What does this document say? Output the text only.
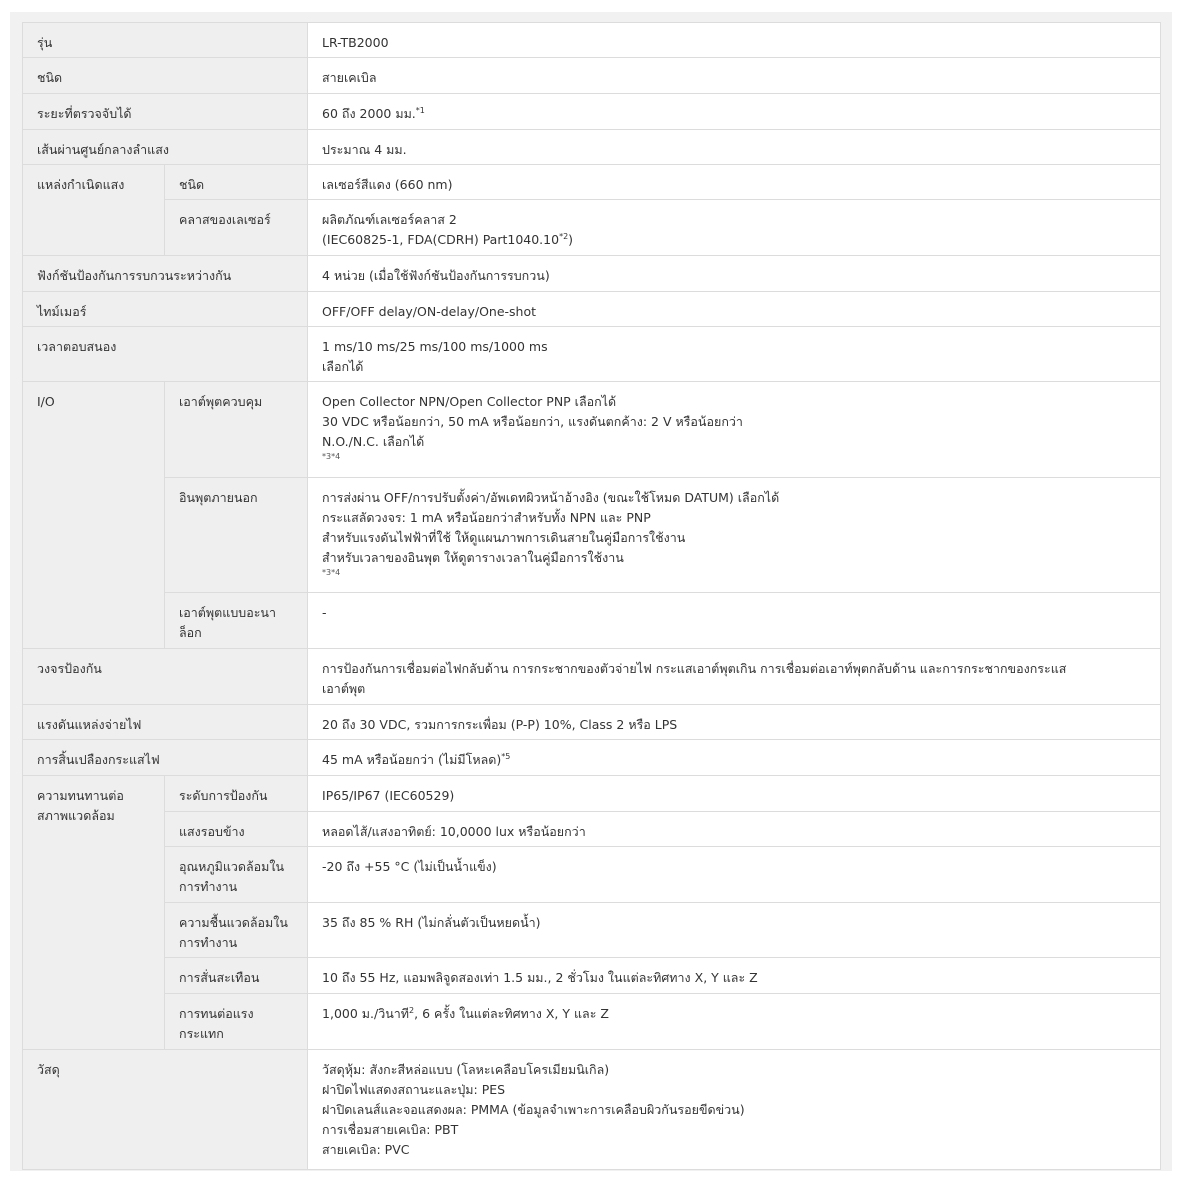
รุ่น		LR-TB2000
ชนิด		สายเคเบิล
ระยะที่ตรวจจับได้		60 ถึง 2000 มม.$^{*1}$
เส้นผ่านศูนย์กลางลำแสง		ประมาณ 4 มม.
แหล่งกำเนิดแสง	ชนิด	เลเซอร์สีแดง (660 nm)
	คลาสของเลเซอร์	ผลิตภัณฑ์เลเซอร์คลาส 2
(IEC60825-1, FDA(CDRH) Part1040.10$^{*2}$)

ฟังก์ชันป้องกันการรบกวนระหว่างกัน		4 หน่วย (เมื่อใช้ฟังก์ชันป้องกันการรบกวน)
ไทม์เมอร์		OFF/OFF delay/ON-delay/One-shot
เวลาตอบสนอง		1 ms/10 ms/25 ms/100 ms/1000 ms
เลือกได้

I/O	เอาต์พุตควบคุม	Open Collector NPN/Open Collector PNP เลือกได้
30 VDC หรือน้อยกว่า, 50 mA หรือน้อยกว่า, แรงดันตกค้าง: 2 V หรือน้อยกว่า
N.O./N.C. เลือกได้
*3*4

	อินพุตภายนอก	การส่งผ่าน OFF/การปรับตั้งค่า/อัพเดทผิวหน้าอ้างอิง (ขณะใช้โหมด DATUM) เลือกได้
กระแสลัดวงจร: 1 mA หรือน้อยกว่าสำหรับทั้ง NPN และ PNP
สำหรับแรงดันไฟฟ้าที่ใช้ ให้ดูแผนภาพการเดินสายในคู่มือการใช้งาน
สำหรับเวลาของอินพุต ให้ดูตารางเวลาในคู่มือการใช้งาน
*3*4

	เอาต์พุตแบบอะนา
ล็อก	-
วงจรป้องกัน		การป้องกันการเชื่อมต่อไฟกลับด้าน การกระชากของตัวจ่ายไฟ กระแสเอาต์พุตเกิน การเชื่อมต่อเอาท์พุตกลับด้าน และการกระชากของกระแส
เอาต์พุต

แรงดันแหล่งจ่ายไฟ		20 ถึง 30 VDC, รวมการกระเพื่อม (P-P) 10%, Class 2 หรือ LPS
การสิ้นเปลืองกระแสไฟ		45 mA หรือน้อยกว่า (ไม่มีโหลด)$^{*5}$

ความทนทานต่อ
สภาพแวดล้อม	ระดับการป้องกัน	IP65/IP67 (IEC60529)
	แสงรอบข้าง	หลอดไส้/แสงอาทิตย์: 10,0000 lux หรือน้อยกว่า

	อุณหภูมิแวดล้อมใน
การทำงาน	-20 ถึง +55 °C (ไม่เป็นน้ำแข็ง)

	ความชื้นแวดล้อมใน
การทำงาน	35 ถึง 85 % RH (ไม่กลั่นตัวเป็นหยดน้ำ)
	การสั่นสะเทือน	10 ถึง 55 Hz, แอมพลิจูดสองเท่า 1.5 มม., 2 ชั่วโมง ในแต่ละทิศทาง X, Y และ Z

	การทนต่อแรง
กระแทก	1,000 ม./วินาที$^2$, 6 ครั้ง ในแต่ละทิศทาง X, Y และ Z
วัสดุ		วัสดุหุ้ม: สังกะสีหล่อแบบ (โลหะเคลือบโครเมียมนิเกิล)
ฝาปิดไฟแสดงสถานะและปุ่ม: PES
ฝาปิดเลนส์และจอแสดงผล: PMMA (ข้อมูลจำเพาะการเคลือบผิวกันรอยขีดข่วน)
การเชื่อมสายเคเบิล: PBT
สายเคเบิล: PVC
